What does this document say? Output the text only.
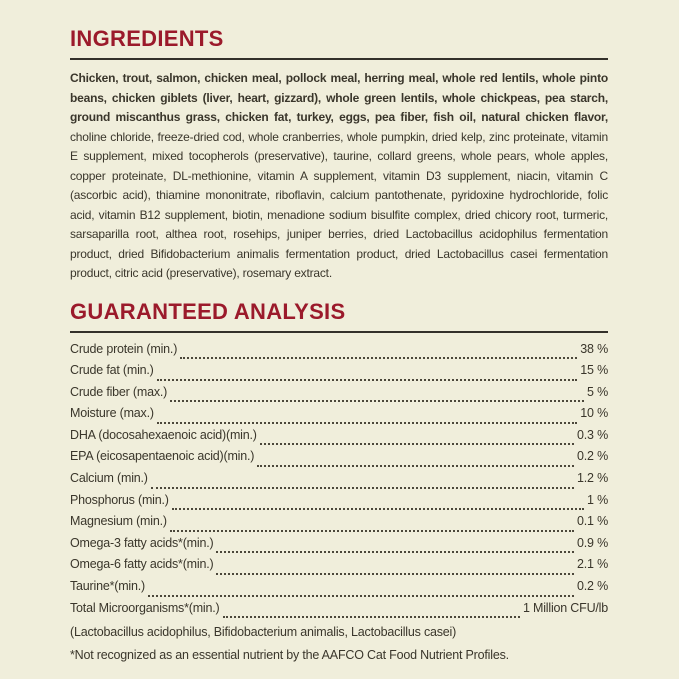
INGREDIENTS

Chicken, trout, salmon, chicken meal, pollock meal, herring meal, whole red lentils, whole pinto beans, chicken giblets (liver, heart, gizzard), whole green lentils, whole chickpeas, pea starch, ground miscanthus grass, chicken fat, turkey, eggs, pea fiber, fish oil, natural chicken flavor, choline chloride, freeze-dried cod, whole cranberries, whole pumpkin, dried kelp, zinc proteinate, vitamin E supplement, mixed tocopherols (preservative), taurine, collard greens, whole pears, whole apples, copper proteinate, DL-methionine, vitamin A supplement, vitamin D3 supplement, niacin, vitamin C (ascorbic acid), thiamine mononitrate, riboflavin, calcium pantothenate, pyridoxine hydrochloride, folic acid, vitamin B12 supplement, biotin, menadione sodium bisulfite complex, dried chicory root, turmeric, sarsaparilla root, althea root, rosehips, juniper berries, dried Lactobacillus acidophilus fermentation product, dried Bifidobacterium animalis fermentation product, dried Lactobacillus casei fermentation product, citric acid (preservative), rosemary extract.

GUARANTEED ANALYSIS
Crude protein (min.)	38 %
Crude fat (min.)	15 %
Crude fiber (max.)	5 %
Moisture (max.)	10 %
DHA (docosahexaenoic acid)(min.)	0.3 %
EPA (eicosapentaenoic acid)(min.)	0.2 %
Calcium (min.)	1.2 %
Phosphorus (min.)	1 %
Magnesium (min.)	0.1 %
Omega-3 fatty acids*(min.)	0.9 %
Omega-6 fatty acids*(min.)	2.1 %
Taurine*(min.)	0.2 %
Total Microorganisms*(min.)	1 Million CFU/lb

(Lactobacillus acidophilus, Bifidobacterium animalis, Lactobacillus casei)

*Not recognized as an essential nutrient by the AAFCO Cat Food Nutrient Profiles.
